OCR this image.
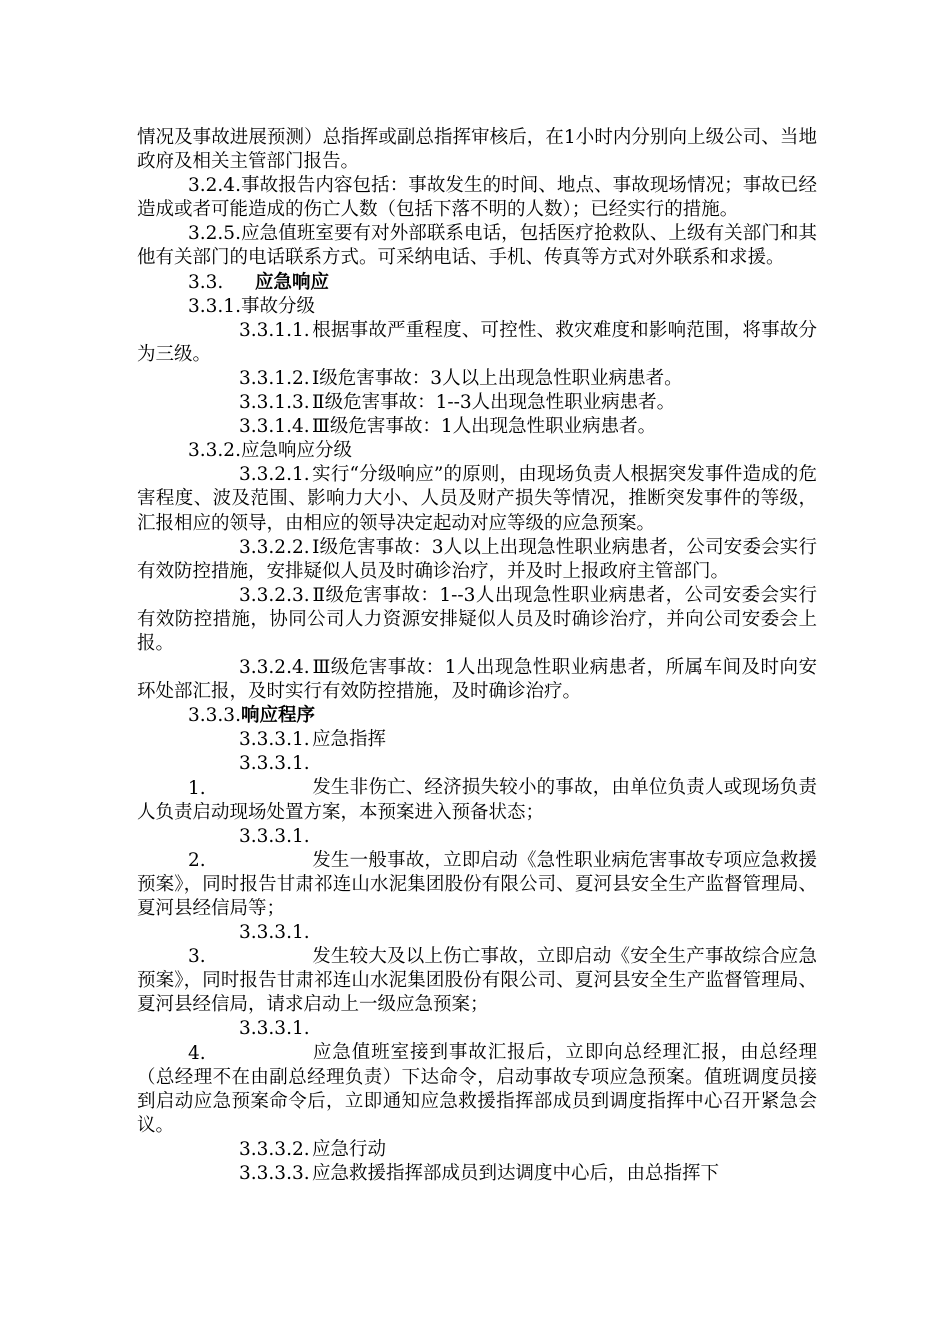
情况及事故进展预测）总指挥或副总指挥审核后，在1小时内分别向上级公司、当地政府及相关主管部门报告。

3.2.4.事故报告内容包括：事故发生的时间、地点、事故现场情况；事故已经造成或者可能造成的伤亡人数（包括下落不明的人数）；已经实行的措施。

3.2.5.应急值班室要有对外部联系电话，包括医疗抢救队、上级有关部门和其他有关部门的电话联系方式。可采纳电话、手机、传真等方式对外联系和求援。

3.3. 应急响应

3.3.1.事故分级

3.3.1.1. 根据事故严重程度、可控性、救灾难度和影响范围，将事故分为三级。

3.3.1.2. Ⅰ级危害事故：3人以上出现急性职业病患者。

3.3.1.3. Ⅱ级危害事故：1--3人出现急性职业病患者。

3.3.1.4. Ⅲ级危害事故：1人出现急性职业病患者。

3.3.2.应急响应分级

3.3.2.1. 实行“分级响应”的原则，由现场负责人根据突发事件造成的危害程度、波及范围、影响力大小、人员及财产损失等情况，推断突发事件的等级，汇报相应的领导，由相应的领导决定起动对应等级的应急预案。

3.3.2.2. Ⅰ级危害事故：3人以上出现急性职业病患者，公司安委会实行有效防控措施，安排疑似人员及时确诊治疗，并及时上报政府主管部门。

3.3.2.3. Ⅱ级危害事故：1--3人出现急性职业病患者，公司安委会实行有效防控措施，协同公司人力资源安排疑似人员及时确诊治疗，并向公司安委会上报。

3.3.2.4. Ⅲ级危害事故：1人出现急性职业病患者，所属车间及时向安环处部汇报，及时实行有效防控措施，及时确诊治疗。

3.3.3.响应程序

3.3.3.1. 应急指挥

3.3.3.1.1.	发生非伤亡、经济损失较小的事故，由单位负责人或现场负责人负责启动现场处置方案，本预案进入预备状态；

3.3.3.1.2.	发生一般事故，立即启动《急性职业病危害事故专项应急救援预案》，同时报告甘肃祁连山水泥集团股份有限公司、夏河县安全生产监督管理局、夏河县经信局等；

3.3.3.1.3.	发生较大及以上伤亡事故，立即启动《安全生产事故综合应急预案》，同时报告甘肃祁连山水泥集团股份有限公司、夏河县安全生产监督管理局、夏河县经信局，请求启动上一级应急预案；

3.3.3.1.4.	应急值班室接到事故汇报后，立即向总经理汇报，由总经理（总经理不在由副总经理负责）下达命令，启动事故专项应急预案。值班调度员接到启动应急预案命令后，立即通知应急救援指挥部成员到调度指挥中心召开紧急会议。

3.3.3.2. 应急行动

3.3.3.3. 应急救援指挥部成员到达调度中心后，由总指挥下
